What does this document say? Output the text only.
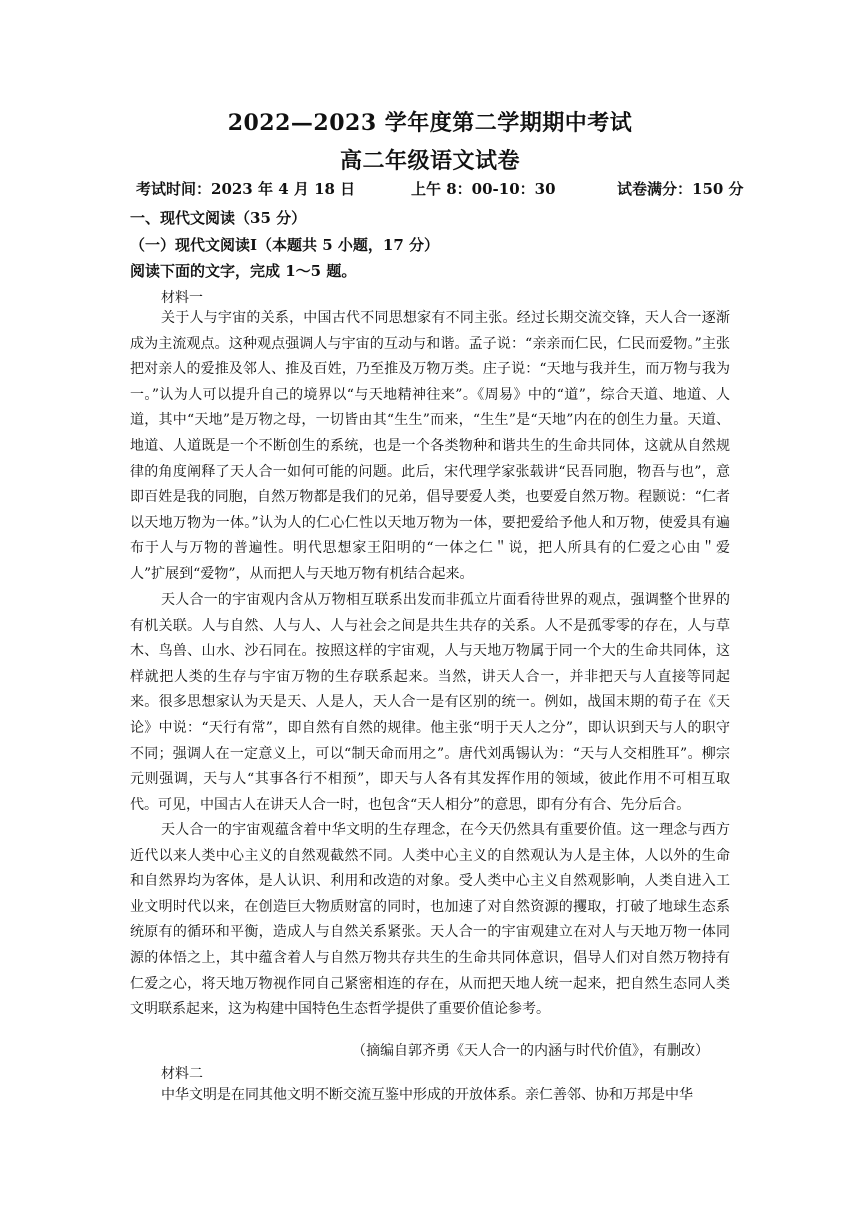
2022—2023 学年度第二学期期中考试
高二年级语文试卷
考试时间：2023 年 4 月 18 日	上午 8：00-10：30	试卷满分：150 分
一、现代文阅读（35 分）
（一）现代文阅读Ⅰ（本题共 5 小题，17 分）
阅读下面的文字，完成 1～5 题。
材料一
关于人与宇宙的关系，中国古代不同思想家有不同主张。经过长期交流交锋，天人合一逐渐成为主流观点。这种观点强调人与宇宙的互动与和谐。孟子说：“亲亲而仁民，仁民而爱物。”主张把对亲人的爱推及邻人、推及百姓，乃至推及万物万类。庄子说：“天地与我并生，而万物与我为一。”认为人可以提升自己的境界以“与天地精神往来”。《周易》中的“道”，综合天道、地道、人道，其中“天地”是万物之母，一切皆由其“生生”而来，“生生”是“天地”内在的创生力量。天道、地道、人道既是一个不断创生的系统，也是一个各类物种和谐共生的生命共同体，这就从自然规律的角度阐释了天人合一如何可能的问题。此后，宋代理学家张载讲“民吾同胞，物吾与也”，意即百姓是我的同胞，自然万物都是我们的兄弟，倡导要爱人类，也要爱自然万物。程颢说：“仁者以天地万物为一体。”认为人的仁心仁性以天地万物为一体，要把爱给予他人和万物，使爱具有遍布于人与万物的普遍性。明代思想家王阳明的“一体之仁＂说，把人所具有的仁爱之心由＂爱人”扩展到“爱物”，从而把人与天地万物有机结合起来。
天人合一的宇宙观内含从万物相互联系出发而非孤立片面看待世界的观点，强调整个世界的有机关联。人与自然、人与人、人与社会之间是共生共存的关系。人不是孤零零的存在，人与草木、鸟兽、山水、沙石同在。按照这样的宇宙观，人与天地万物属于同一个大的生命共同体，这样就把人类的生存与宇宙万物的生存联系起来。当然，讲天人合一，并非把天与人直接等同起来。很多思想家认为天是天、人是人，天人合一是有区别的统一。例如，战国末期的荀子在《天论》中说：“天行有常”，即自然有自然的规律。他主张“明于天人之分”，即认识到天与人的职守不同；强调人在一定意义上，可以“制天命而用之”。唐代刘禹锡认为：“天与人交相胜耳”。柳宗元则强调，天与人“其事各行不相预”，即天与人各有其发挥作用的领域，彼此作用不可相互取代。可见，中国古人在讲天人合一时，也包含“天人相分”的意思，即有分有合、先分后合。
天人合一的宇宙观蕴含着中华文明的生存理念，在今天仍然具有重要价值。这一理念与西方近代以来人类中心主义的自然观截然不同。人类中心主义的自然观认为人是主体，人以外的生命和自然界均为客体，是人认识、利用和改造的对象。受人类中心主义自然观影响，人类自进入工业文明时代以来，在创造巨大物质财富的同时，也加速了对自然资源的攫取，打破了地球生态系统原有的循环和平衡，造成人与自然关系紧张。天人合一的宇宙观建立在对人与天地万物一体同源的体悟之上，其中蕴含着人与自然万物共存共生的生命共同体意识，倡导人们对自然万物持有仁爱之心，将天地万物视作同自己紧密相连的存在，从而把天地人统一起来，把自然生态同人类文明联系起来，这为构建中国特色生态哲学提供了重要价值论参考。
（摘编自郭齐勇《天人合一的内涵与时代价值》，有删改）
材料二
中华文明是在同其他文明不断交流互鉴中形成的开放体系。亲仁善邻、协和万邦是中华
